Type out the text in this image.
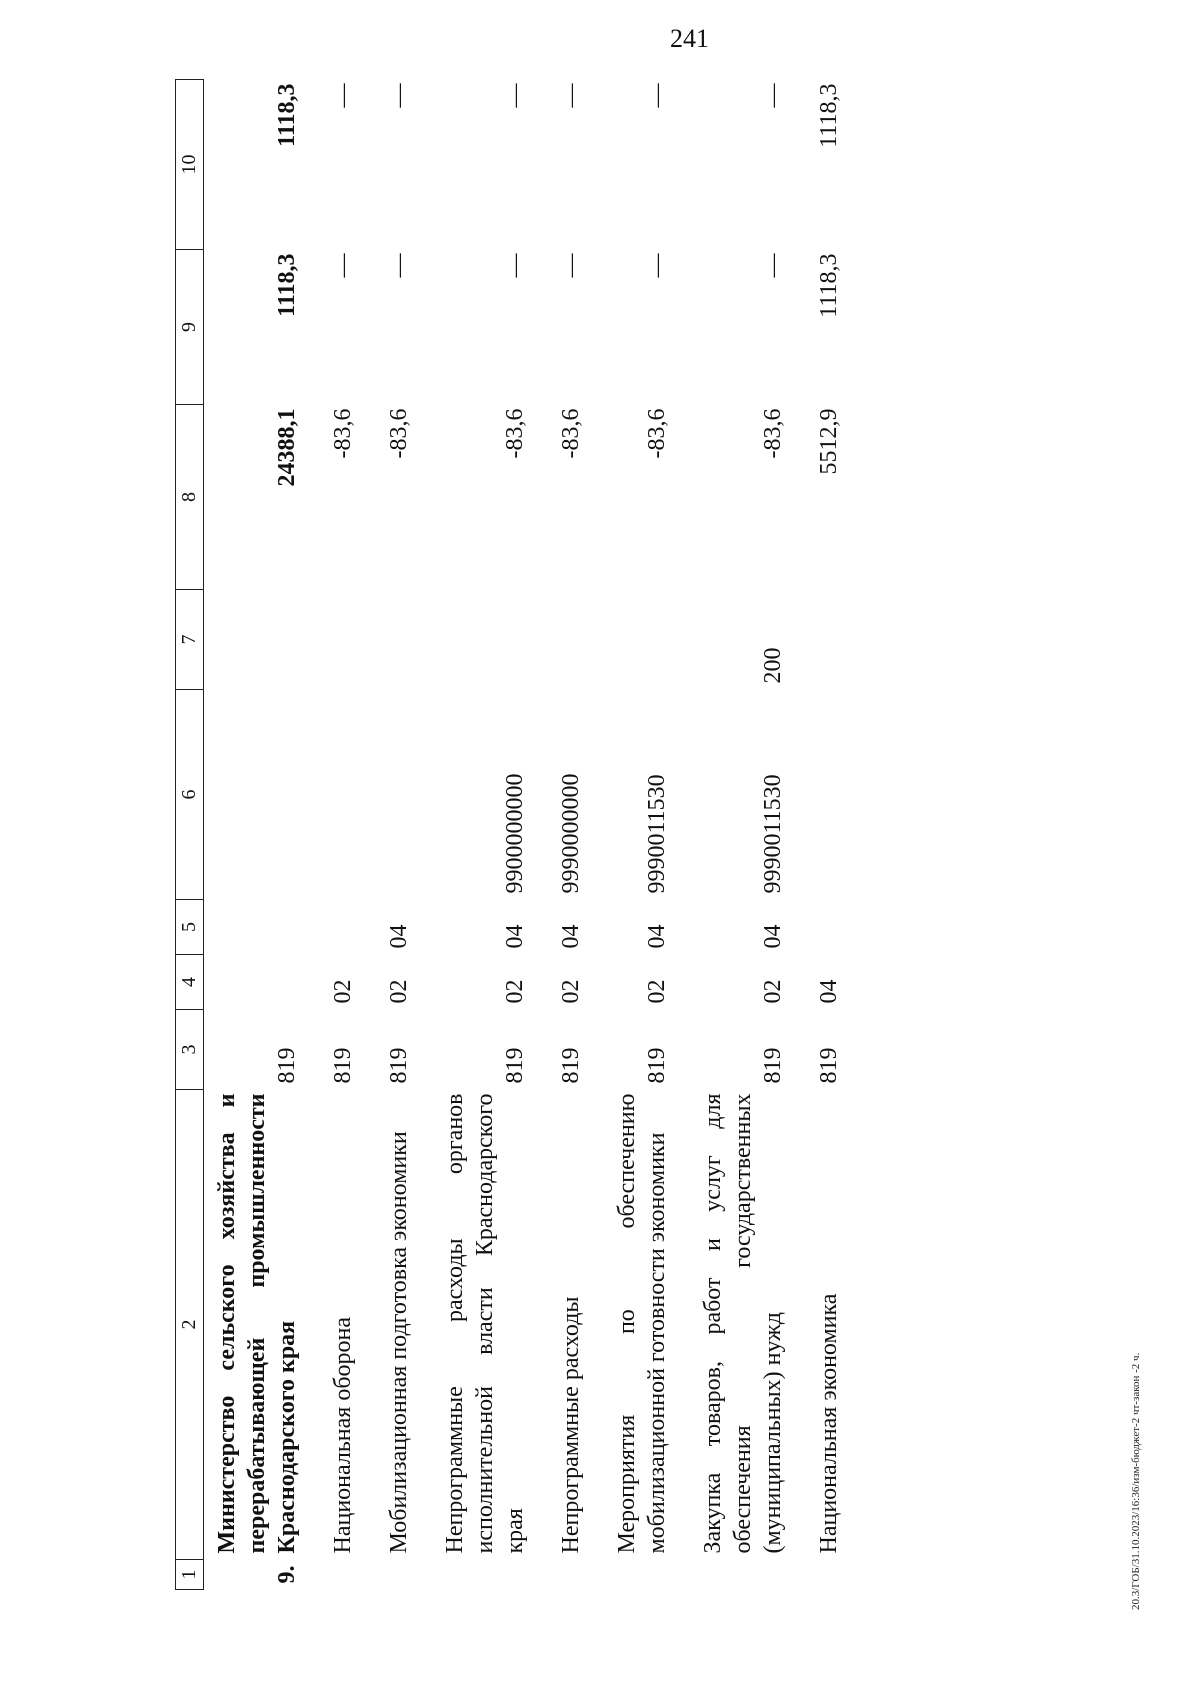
241
1	2	3	4	5	6	7	8	9	10
9.	Министерство сельского хозяйства и перерабатывающей промышленности Краснодарского края	819					24388,1	1118,3	1118,3
	Национальная оборона	819	02				-83,6	—	—
	Мобилизационная подготовка экономики	819	02	04			-83,6	—	—
	Непрограммные расходы органов исполнительной власти Краснодарского края	819	02	04	9900000000		-83,6	—	—
	Непрограммные расходы	819	02	04	9990000000		-83,6	—	—
	Мероприятия по обеспечению мобилизационной готовности экономики	819	02	04	9990011530		-83,6	—	—
	Закупка товаров, работ и услуг для обеспечения государственных (муниципальных) нужд	819	02	04	9990011530	200	-83,6	—	—
	Национальная экономика	819	04				5512,9	1118,3	1118,3
20.3/ГОБ/31.10.2023/16:36/изм-бюджет-2 чт-закон -2 ч.
